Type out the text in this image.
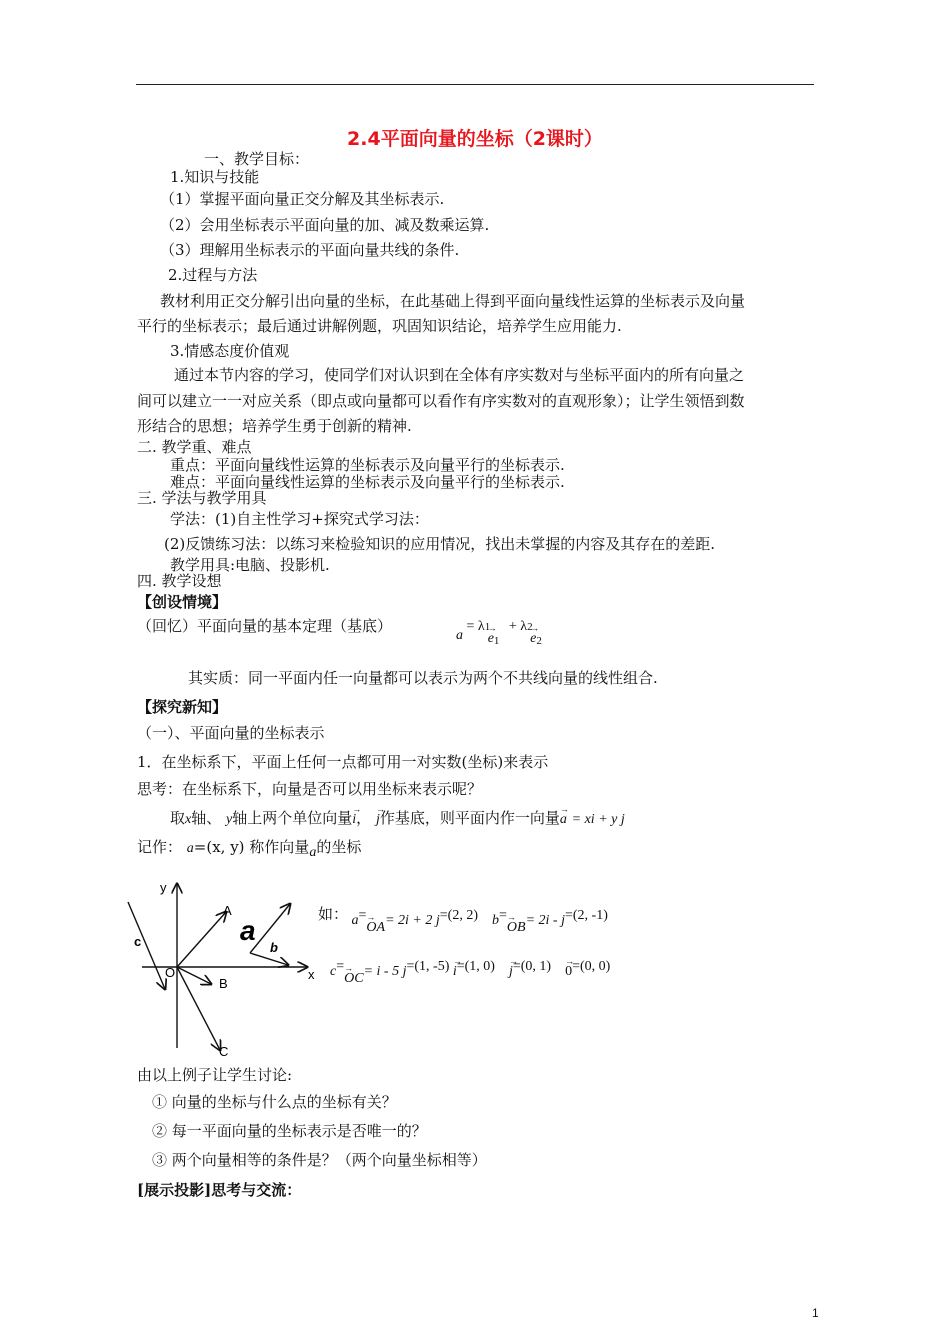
2.4平面向量的坐标（2课时）
一、教学目标：
1.知识与技能
（1）掌握平面向量正交分解及其坐标表示.
（2）会用坐标表示平面向量的加、减及数乘运算.
（3）理解用坐标表示的平面向量共线的条件.
2.过程与方法
教材利用正交分解引出向量的坐标，在此基础上得到平面向量线性运算的坐标表示及向量
平行的坐标表示；最后通过讲解例题，巩固知识结论，培养学生应用能力.
3.情感态度价值观
通过本节内容的学习，使同学们对认识到在全体有序实数对与坐标平面内的所有向量之
间可以建立一一对应关系（即点或向量都可以看作有序实数对的直观形象）；让学生领悟到数
形结合的思想；培养学生勇于创新的精神.
二. 教学重、难点
重点：平面向量线性运算的坐标表示及向量平行的坐标表示.
难点：平面向量线性运算的坐标表示及向量平行的坐标表示.
三. 学法与教学用具
学法：(1)自主性学习+探究式学习法：
(2)反馈练习法：以练习来检验知识的应用情况，找出未掌握的内容及其存在的差距.
教学用具:电脑、投影机.
四. 教学设想
【创设情境】
（回忆）平面向量的基本定理（基底）
$a = \lambda 1 \to e_1 + \lambda 2 \to e_2$
其实质：同一平面内任一向量都可以表示为两个不共线向量的线性组合.
【探究新知】
（一）、平面向量的坐标表示
1．在坐标系下，平面上任何一点都可用一对实数(坐标)来表示
思考：在坐标系下，向量是否可以用坐标来表示呢？
取x轴、 y轴上两个单位向量→ i， → j作基底，则平面内作一向量→ a = xi + y j
记作： a=(x, y) 称作向量a的坐标
y
x
O
A
B
C
c	a
b
如： a=→ OA= 2i + 2 j=(2, 2) b=→ OB= 2i - j=(2, -1)
c=→ OC= i - 5 j=(1, -5) → i=(1, 0) → j=(0, 1) → 0=(0, 0)
由以上例子让学生讨论:
① 向量的坐标与什么点的坐标有关？
② 每一平面向量的坐标表示是否唯一的？
③ 两个向量相等的条件是？（两个向量坐标相等）
[展示投影]思考与交流：
1
